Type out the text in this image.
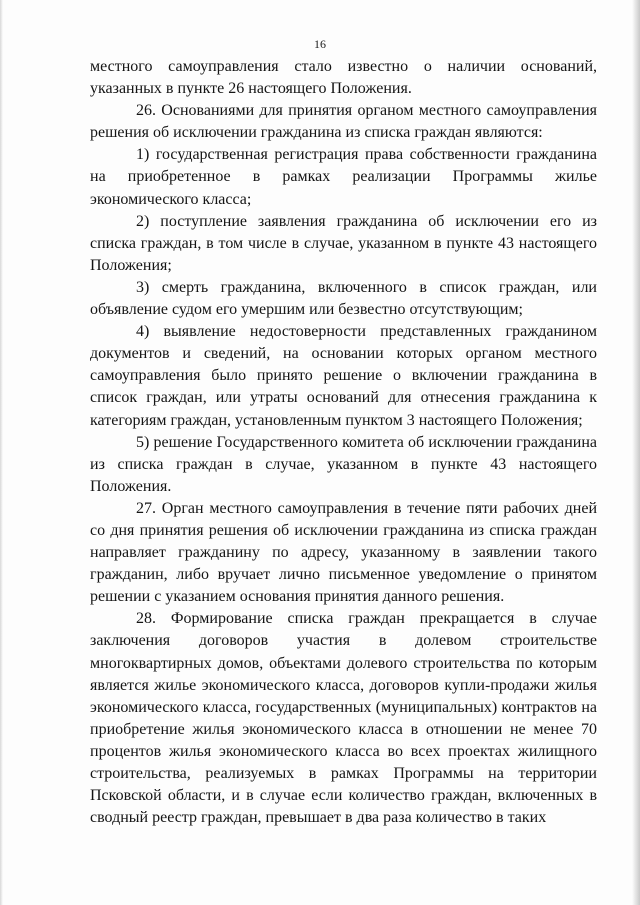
16

местного самоуправления стало известно о наличии оснований, указанных в пункте 26 настоящего Положения.

26. Основаниями для принятия органом местного самоуправления решения об исключении гражданина из списка граждан являются:

1) государственная регистрация права собственности гражданина на приобретенное в рамках реализации Программы жилье экономического класса;

2) поступление заявления гражданина об исключении его из списка граждан, в том числе в случае, указанном в пункте 43 настоящего Положения;

3) смерть гражданина, включенного в список граждан, или объявление судом его умершим или безвестно отсутствующим;

4) выявление недостоверности представленных гражданином документов и сведений, на основании которых органом местного самоуправления было принято решение о включении гражданина в список граждан, или утраты оснований для отнесения гражданина к категориям граждан, установленным пунктом 3 настоящего Положения;

5) решение Государственного комитета об исключении гражданина из списка граждан в случае, указанном в пункте 43 настоящего Положения.

27. Орган местного самоуправления в течение пяти рабочих дней со дня принятия решения об исключении гражданина из списка граждан направляет гражданину по адресу, указанному в заявлении такого гражданин, либо вручает лично письменное уведомление о принятом решении с указанием основания принятия данного решения.

28. Формирование списка граждан прекращается в случае заключения договоров участия в долевом строительстве многоквартирных домов, объектами долевого строительства по которым является жилье экономического класса, договоров купли-продажи жилья экономического класса, государственных (муниципальных) контрактов на приобретение жилья экономического класса в отношении не менее 70 процентов жилья экономического класса во всех проектах жилищного строительства, реализуемых в рамках Программы на территории Псковской области, и в случае если количество граждан, включенных в сводный реестр граждан, превышает в два раза количество в таких
